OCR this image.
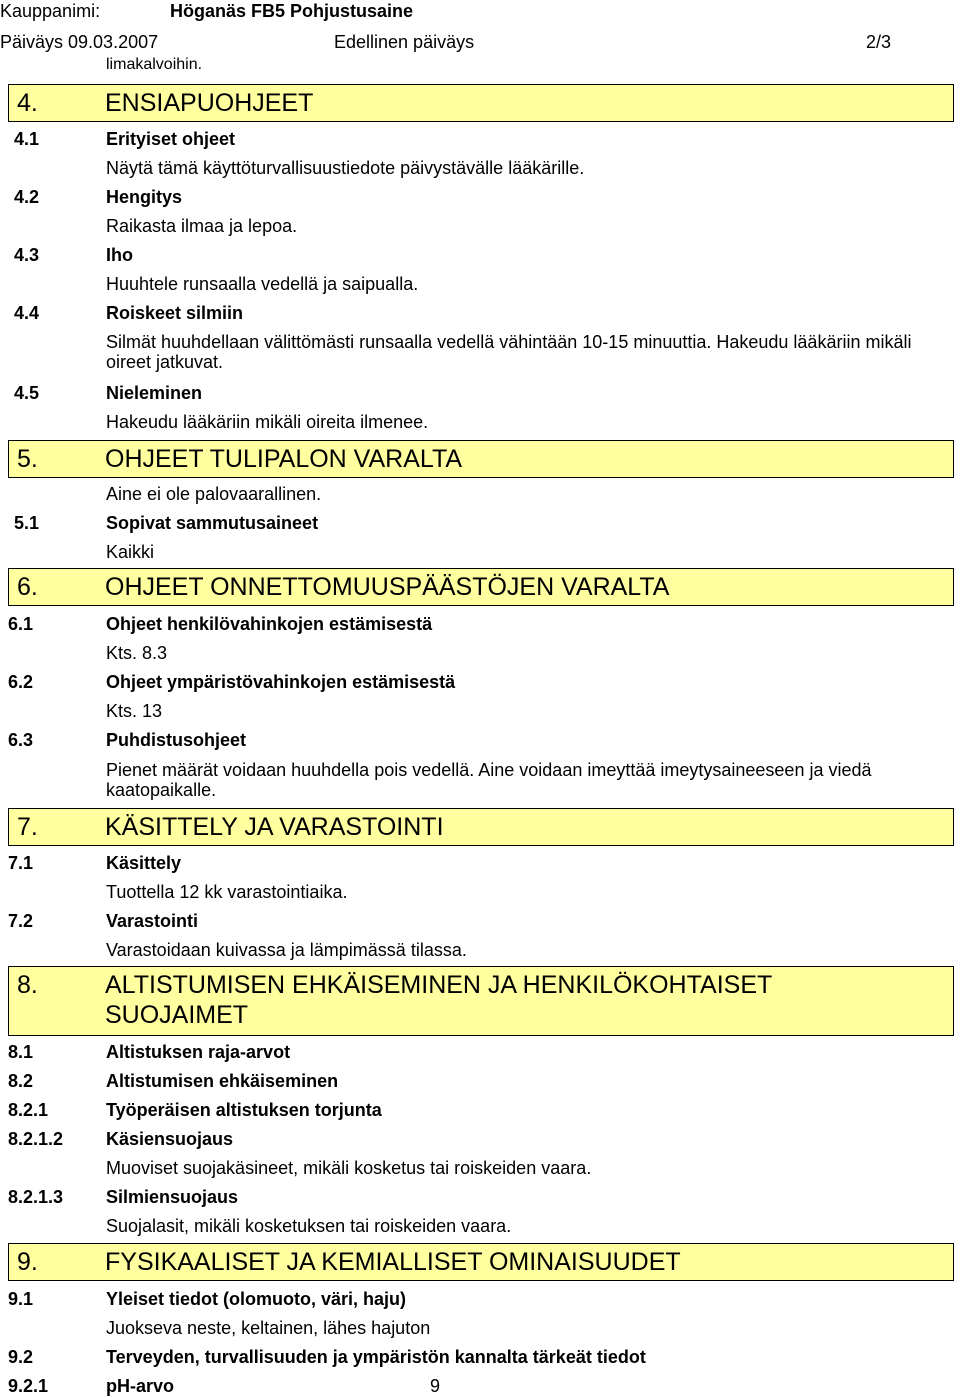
Kauppanimi:	Höganäs FB5 Pohjustusaine
Päiväys 09.03.2007	Edellinen päiväys	2/3
limakalvoihin.
4.	ENSIAPUOHJEET
4.1	Erityiset ohjeet
Näytä tämä käyttöturvallisuustiedote päivystävälle lääkärille.
4.2	Hengitys
Raikasta ilmaa ja lepoa.
4.3	Iho
Huuhtele runsaalla vedellä ja saipualla.
4.4	Roiskeet silmiin
Silmät huuhdellaan välittömästi runsaalla vedellä vähintään 10-15 minuuttia. Hakeudu lääkäriin mikäli oireet jatkuvat.
4.5	Nieleminen
Hakeudu lääkäriin mikäli oireita ilmenee.
5.	OHJEET TULIPALON VARALTA
Aine ei ole palovaarallinen.
5.1	Sopivat sammutusaineet
Kaikki
6.	OHJEET ONNETTOMUUSPÄÄSTÖJEN VARALTA
6.1	Ohjeet henkilövahinkojen estämisestä
Kts. 8.3
6.2	Ohjeet ympäristövahinkojen estämisestä
Kts. 13
6.3	Puhdistusohjeet
Pienet määrät voidaan huuhdella pois vedellä. Aine voidaan imeyttää imeytysaineeseen ja viedä kaatopaikalle.
7.	KÄSITTELY JA VARASTOINTI
7.1	Käsittely
Tuottella 12 kk varastointiaika.
7.2	Varastointi
Varastoidaan kuivassa ja lämpimässä tilassa.
8.	ALTISTUMISEN EHKÄISEMINEN JA HENKILÖKOHTAISET
SUOJAIMET
8.1	Altistuksen raja-arvot
8.2	Altistumisen ehkäiseminen
8.2.1	Työperäisen altistuksen torjunta
8.2.1.2 Käsiensuojaus
Muoviset suojakäsineet, mikäli kosketus tai roiskeiden vaara.
8.2.1.3 Silmiensuojaus
Suojalasit, mikäli kosketuksen tai roiskeiden vaara.
9.	FYSIKAALISET JA KEMIALLISET OMINAISUUDET
9.1	Yleiset tiedot (olomuoto, väri, haju)
Juokseva neste, keltainen, lähes hajuton
9.2	Terveyden, turvallisuuden ja ympäristön kannalta tärkeät tiedot
9.2.1	pH-arvo	9
